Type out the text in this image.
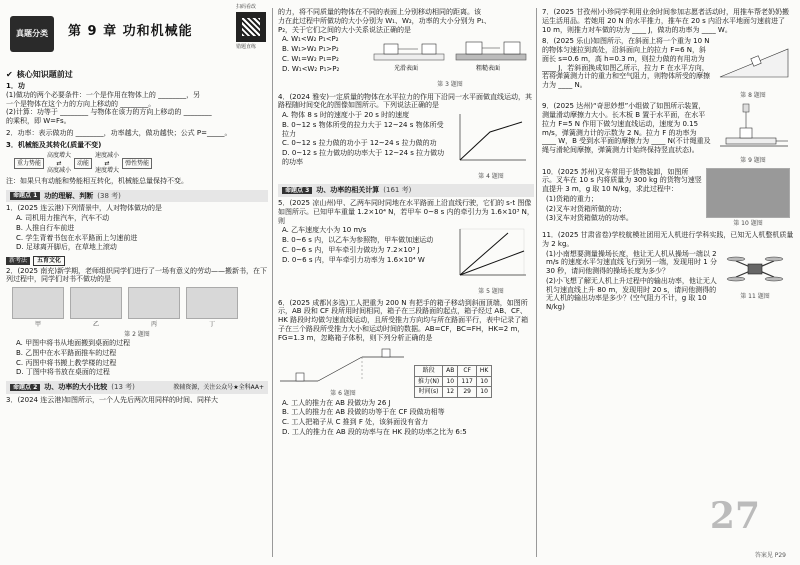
真题分类	第 9 章 功和机械能
扫码看改
错题直练
✔ 核心知识题前过

1．功

(1)做功的两个必要条件：一个是作用在物体上的 ________，另

一个是物体在这个力的方向上移动的 ________。

(2)计算：功等于 ________ 与物体在该力的方向上移动的 ________

的乘积，即 W=Fs。

2．功率：表示做功的 ________，功率越大，做功越快；公式 P=_____。

3．机械能及其转化(质量不变)

重力势能
高度增大
⇄
高度减小
动能
速度减小
⇄
速度增大
弹性势能

注：如果只有动能和势能相互转化，机械能总量保持不变。

命题点 1	功的理解、判断 (38 考)

1．(2025 连云港)下列情景中，人对物体做功的是

A. 司机用力推汽车，汽车不动

B. 人推自行车前进

C. 学生背着书包在水平路面上匀速前进

D. 足球离开脚后，在草地上滚动

新考法	五育文化

2．(2025 南充)新学期，老师组织同学们进行了一场有意义的劳动——搬新书，在下列过程中，同学们对书不做功的是

甲	乙	丙	丁
第 2 题图

A. 甲图中将书从地面搬到桌面的过程

B. 乙图中在水平路面推车的过程

C. 丙图中将书搬上教学楼的过程

D. 丁图中将书放在桌面的过程

命题点 2	功、功率的大小比较 (13 考)	教辅资源，关注公众号★全科AA+

3．(2024 连云港)如图所示，一个人先后两次用同样的时间、同样大

的力，将不同质量的物体在不同的表面上分别移动相同的距离。该

力在此过程中所做功的大小分别为 W₁、W₂，功率的大小分别为 P₁、

P₂，关于它们之间的大小关系说法正确的是

A. W₁<W₂ P₁<P₂

B. W₁>W₂ P₁>P₂

C. W₁=W₂ P₁=P₂

D. W₁<W₂ P₁>P₂	光滑表面	粗糙表面
第 3 题图

4．(2024 雅安)一定质量的物体在水平拉力的作用下沿同一水平面做直线运动，其路程随时间变化的图像如图所示。下列说法正确的是

A. 物体 8 s 时的速度小于 20 s 时的速度

B. 0~12 s 物体所受的拉力大于 12~24 s 物体所受拉力

C. 0~12 s 拉力做的功小于 12~24 s 拉力做的功

D. 0~12 s 拉力做功的功率大于 12~24 s 拉力做功的功率

第 4 题图
命题点 3	功、功率的相关计算 (161 考)

5．(2025 凉山州)甲、乙两车同时同地在水平路面上沿直线行驶，它们的 s-t 图像如图所示。已知甲车重量 1.2×10⁴ N，若甲车 0~8 s 内的牵引力为 1.6×10³ N，则

A. 乙车速度大小为 10 m/s

B. 0~6 s 内，以乙车为参照物，甲车做加速运动

C. 0~6 s 内，甲车牵引力做功为 7.2×10³ J

D. 0~6 s 内，甲车牵引力功率为 1.6×10⁴ W

第 5 题图

6．(2025 成都)(多选)工人把重为 200 N 有把手的箱子移动到斜面顶端，如图所示，AB 段和 CF 段所用时间相同，箱子在三段路面的起点，箱子经过 AB、CF、HK 路段时均做匀速直线运动，且所受推力方向均与所在路面平行，表中记录了箱子在三个路段所受推力大小和运动时间的数据。AB=CF，BC=FH，HK=2 m，FG=1.3 m，忽略箱子体积，则下列分析正确的是

第 6 题图
路段	AB	CF	HK
推力(N)	10	117	10
时间(s)	12	29	10

A. 工人的推力在 AB 段做功为 26 J

B. 工人的推力在 AB 段做的功等于在 CF 段做功相等

C. 工人把箱子从 C 推到 F 处，该斜面没有省力

D. 工人的推力在 AB 段的功率与在 HK 段的功率之比为 6:5

7．(2025 甘孜州)小珍同学利用业余时间参加志愿者活动时，用推车帮老奶奶搬运生活用品。若她用 20 N 的水平推力，推车在 20 s 内沿水平地面匀速前进了 10 m，则推力对车做的功为 ____ J，做功的功率为 ____ W。

8．(2025 乐山)如图所示，在斜面上将一个重为 10 N 的物体匀速拉到高处，沿斜面向上的拉力 F=6 N，斜面长 s=0.6 m，高 h=0.3 m，则拉力做的有用功为 ____ J，若斜面换成如图乙所示，拉力 F 在水平方向，若将弹簧测力计的重力和空气阻力，则物体所受的摩擦力为 ____ N。

第 8 题图

9．(2025 达州)“奇思妙想”小组做了如图所示装置，测量滑动摩擦力大小。长木板 B 置于水平面，在水平拉力 F=5 N 作用下做匀速直线运动，速度为 0.15 m/s，弹簧测力计的示数为 2 N。拉力 F 的功率为 ____ W，B 受到水平面的摩擦力为 ____ N(不计绳重及绳与滑轮间摩擦，弹簧测力计始终保持竖直状态)。

第 9 题图

10．(2025 苏州)叉车常用于货物装卸，如图所示。叉车在 10 s 内将质量为 300 kg 的货物匀速竖直提升 3 m，g 取 10 N/kg，求此过程中：

(1)货箱的重力；

(2)叉车对货箱所做的功；

(3)叉车对货箱做功的功率。

第 10 题图

11．(2025 甘肃省卷)学校航模社团用无人机进行学科实践，已知无人机整机质量为 2 kg。

(1)小南想要测量操场长度，他让无人机从操场一端以 2 m/s 的速度水平匀速直线飞行到另一端，发现用时 1 分 30 秒，请问他测得的操场长度为多少？

(2)小飞想了解无人机上升过程中的输出功率，他让无人机匀速直线上升 80 m，发现用时 20 s，请问他测得的无人机的输出功率是多少？(空气阻力不计，g 取 10 N/kg)

第 11 题图
27
答案见 P29
